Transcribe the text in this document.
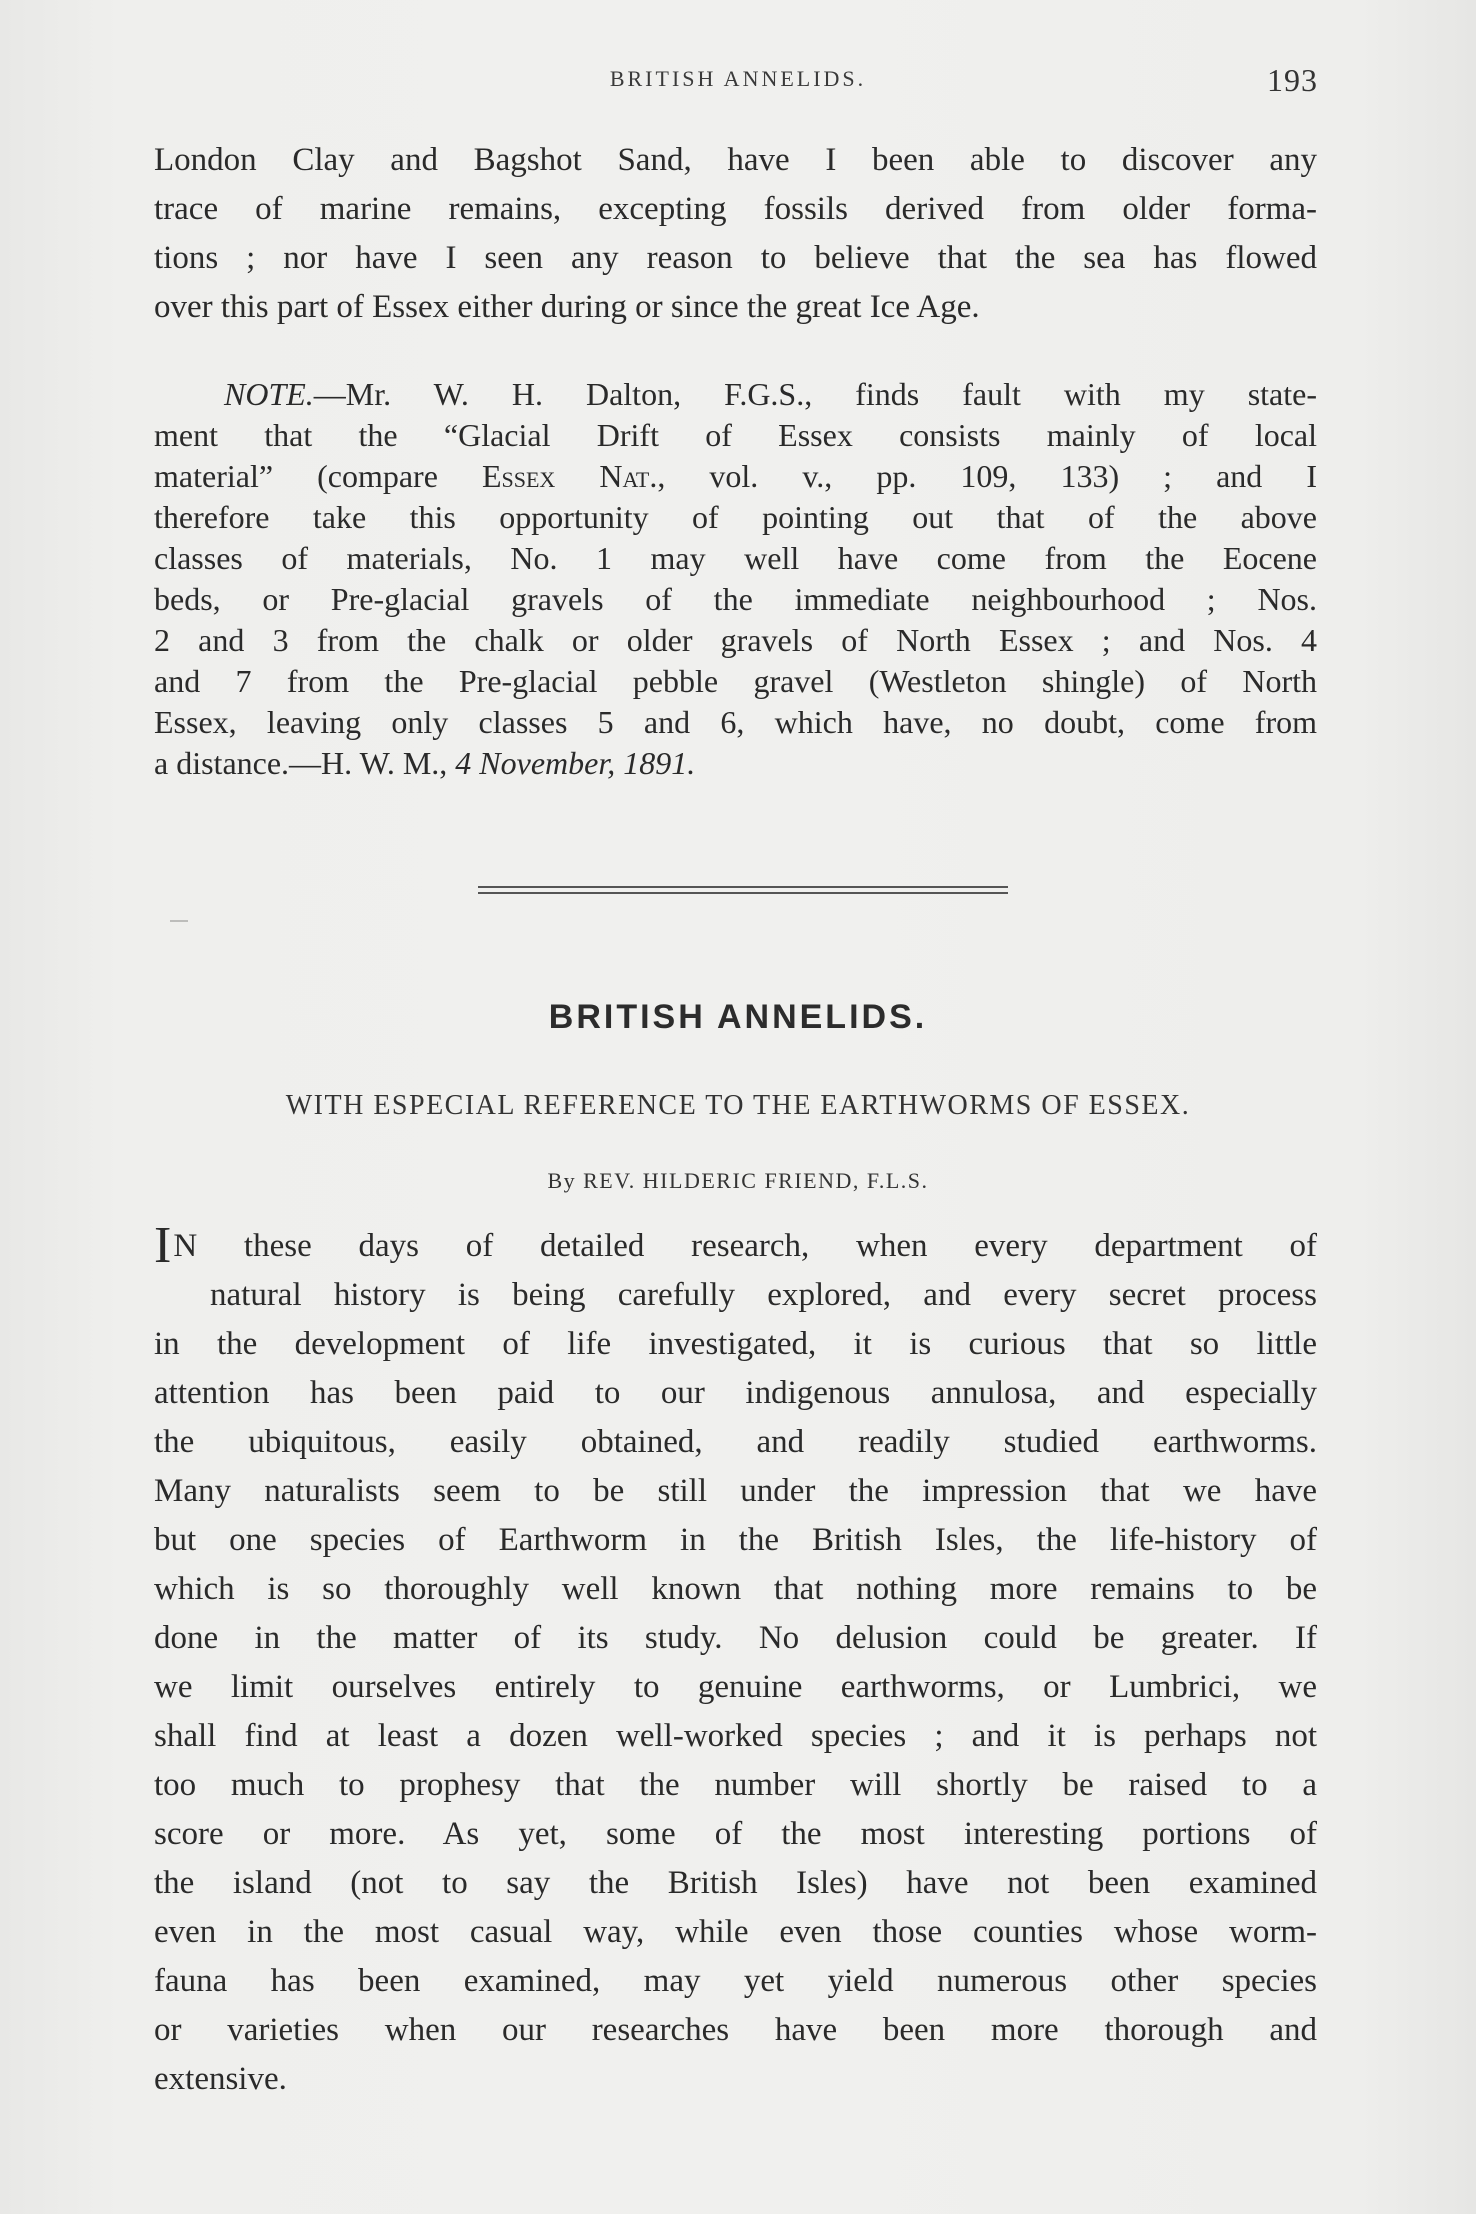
BRITISH ANNELIDS.	193
London Clay and Bagshot Sand, have I been able to discover any
trace of marine remains, excepting fossils derived from older forma-
tions ; nor have I seen any reason to believe that the sea has flowed
over this part of Essex either during or since the great Ice Age.
NOTE.—Mr. W. H. Dalton, F.G.S., finds fault with my state-
ment that the “Glacial Drift of Essex consists mainly of local
material” (compare Essex Nat., vol. v., pp. 109, 133) ; and I
therefore take this opportunity of pointing out that of the above
classes of materials, No. 1 may well have come from the Eocene
beds, or Pre-glacial gravels of the immediate neighbourhood ; Nos.
2 and 3 from the chalk or older gravels of North Essex ; and Nos. 4
and 7 from the Pre-glacial pebble gravel (Westleton shingle) of North
Essex, leaving only classes 5 and 6, which have, no doubt, come from
a distance.—H. W. M., 4 November, 1891.
BRITISH ANNELIDS.
WITH ESPECIAL REFERENCE TO THE EARTHWORMS OF ESSEX.
By REV. HILDERIC FRIEND, F.L.S.
IN these days of detailed research, when every department of
natural history is being carefully explored, and every secret process
in the development of life investigated, it is curious that so little
attention has been paid to our indigenous annulosa, and especially
the ubiquitous, easily obtained, and readily studied earthworms.
Many naturalists seem to be still under the impression that we have
but one species of Earthworm in the British Isles, the life-history of
which is so thoroughly well known that nothing more remains to be
done in the matter of its study. No delusion could be greater. If
we limit ourselves entirely to genuine earthworms, or Lumbrici, we
shall find at least a dozen well-worked species ; and it is perhaps not
too much to prophesy that the number will shortly be raised to a
score or more. As yet, some of the most interesting portions of
the island (not to say the British Isles) have not been examined
even in the most casual way, while even those counties whose worm-
fauna has been examined, may yet yield numerous other species
or varieties when our researches have been more thorough and
extensive.
